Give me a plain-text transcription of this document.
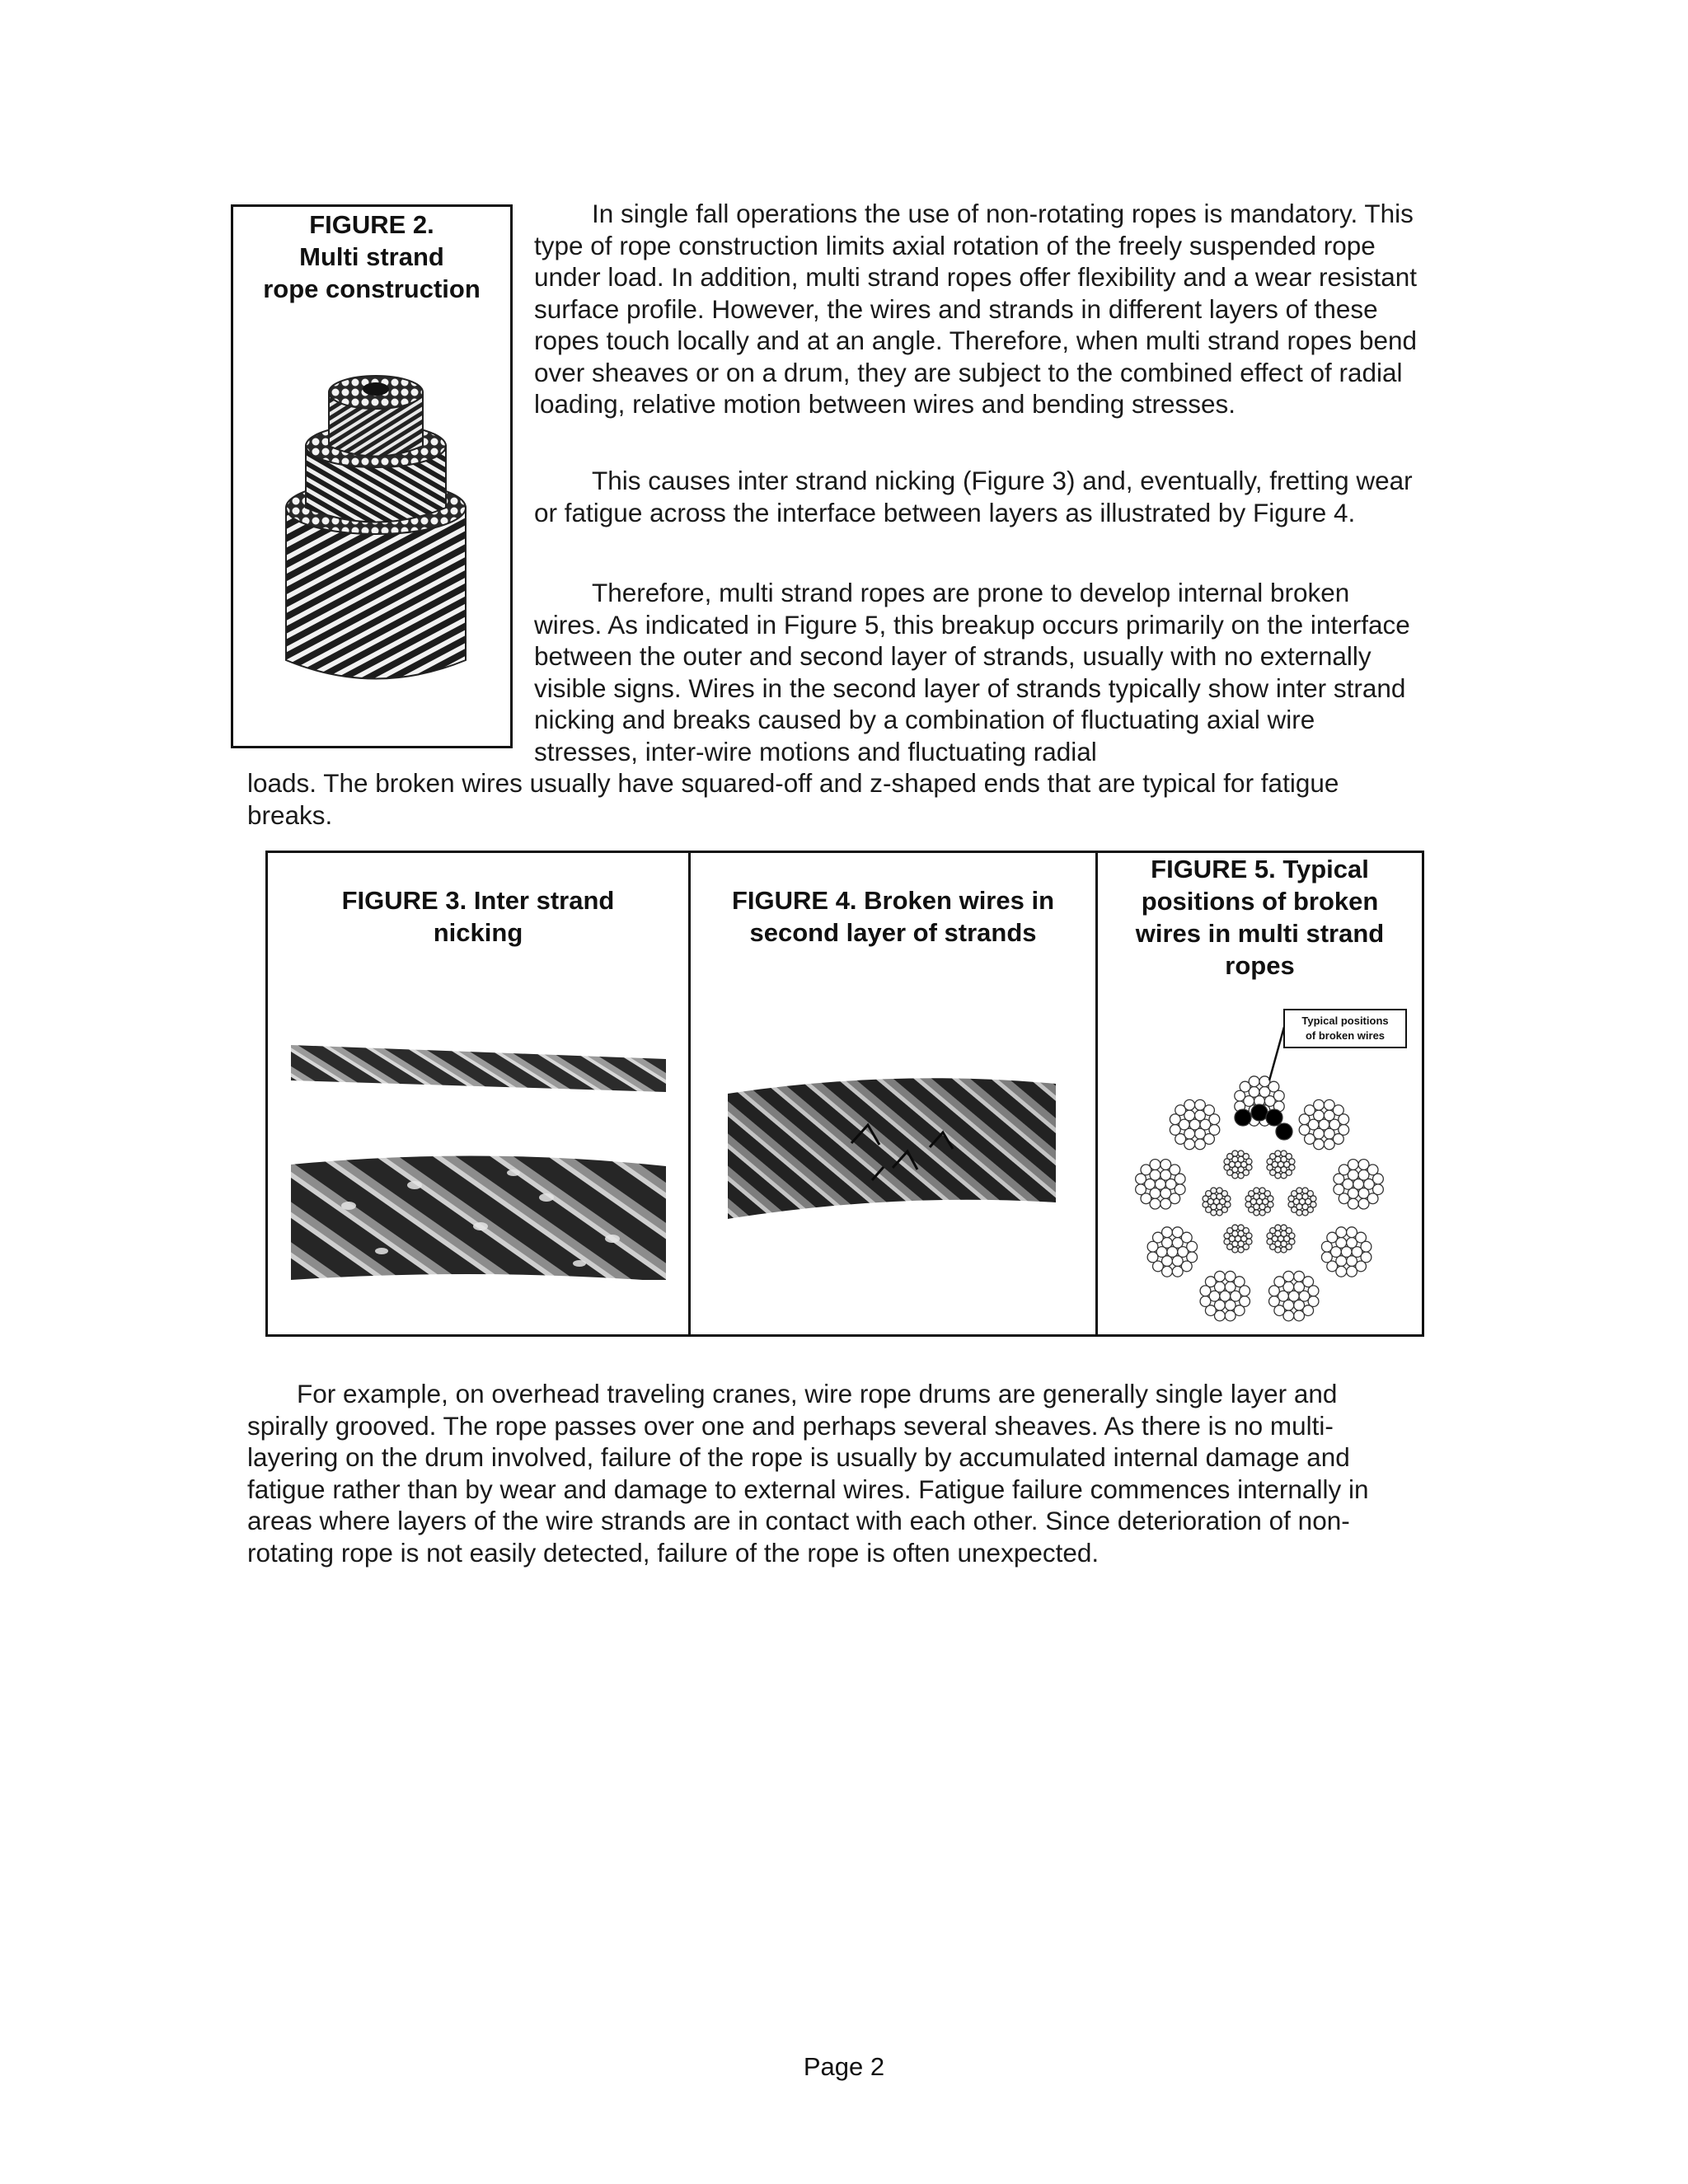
FIGURE 2.
Multi strand
rope construction

In single fall operations the use of non-rotating ropes is mandatory. This type of rope construction limits axial rotation of the freely suspended rope under load. In addition, multi strand ropes offer flexibility and a wear resistant surface profile. However, the wires and strands in different layers of these ropes touch locally and at an angle. Therefore, when multi strand ropes bend over sheaves or on a drum, they are subject to the combined effect of radial loading, relative motion between wires and bending stresses.

This causes inter strand nicking (Figure 3) and, eventually, fretting wear or fatigue across the interface between layers as illustrated by Figure 4.

Therefore, multi strand ropes are prone to develop internal broken wires. As indicated in Figure 5, this breakup occurs primarily on the interface between the outer and second layer of strands, usually with no externally visible signs. Wires in the second layer of strands typically show inter strand nicking and breaks caused by a combination of fluctuating axial wire stresses, inter-wire motions and fluctuating radial

loads. The broken wires usually have squared-off and z-shaped ends that are typical for fatigue breaks.

FIGURE 3. Inter strand
nicking
FIGURE 4. Broken wires in
second layer of strands
FIGURE 5. Typical
positions of broken
wires in multi strand
ropes
Typical positions
of broken wires

For example, on overhead traveling cranes, wire rope drums are generally single layer and spirally grooved. The rope passes over one and perhaps several sheaves. As there is no multi-layering on the drum involved, failure of the rope is usually by accumulated internal damage and fatigue rather than by wear and damage to external wires. Fatigue failure commences internally in areas where layers of the wire strands are in contact with each other. Since deterioration of non-rotating rope is not easily detected, failure of the rope is often unexpected.

Page 2
